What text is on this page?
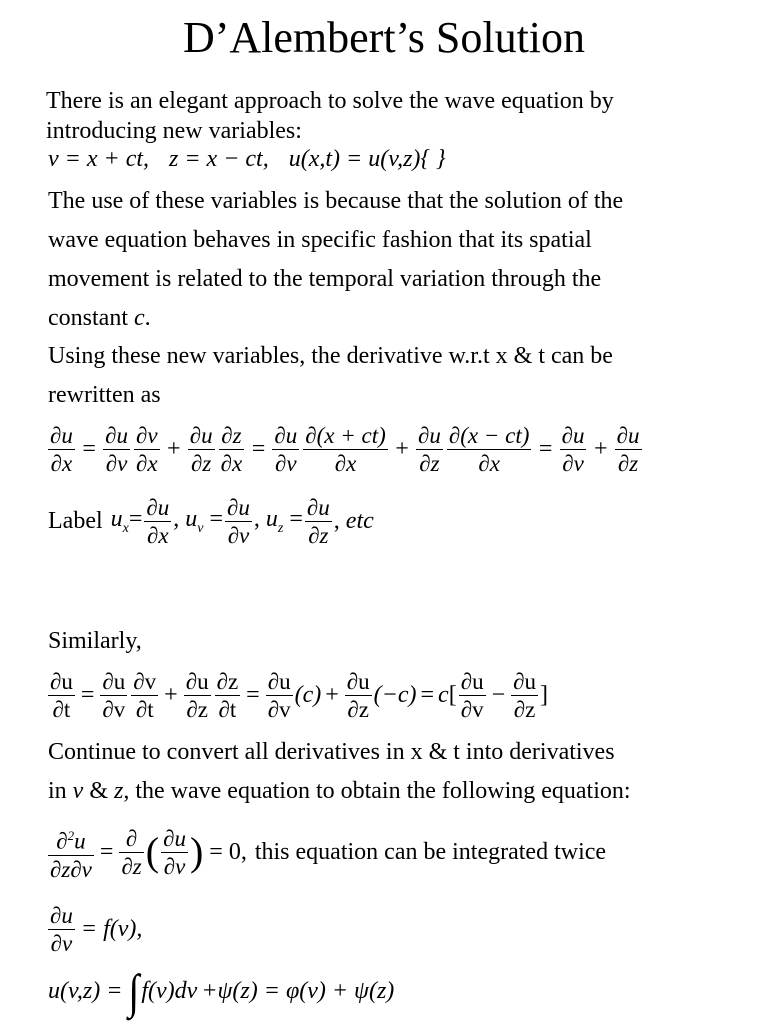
D’Alembert’s Solution
There is an elegant approach to solve the wave equation by
introducing new variables:
v = x + ct, z = x − ct, u(x,t) = u(v,z){ }
The use of these variables is because that the solution of the
wave equation behaves in specific fashion that its spatial
movement is related to the temporal variation through the
constant c.
Using these new variables, the derivative w.r.t x & t can be
rewritten as
$\frac{\partial u}{\partial x} = \frac{\partial u}{\partial v} \frac{\partial v}{\partial x} + \frac{\partial u}{\partial z} \frac{\partial z}{\partial x} = \frac{\partial u}{\partial v} \frac{\partial(x + ct)}{\partial x} + \frac{\partial u}{\partial z} \frac{\partial(x - ct)}{\partial x} = \frac{\partial u}{\partial v} + \frac{\partial u}{\partial z}$
Label $u_x= \frac{\partial u}{\partial x}$ , $u_v = \frac{\partial u}{\partial v}$ , $u_z = \frac{\partial u}{\partial z}$ , etc
Similarly,
$\frac{\partial u}{\partial t} = \frac{\partial u}{\partial v} \frac{\partial v}{\partial t} + \frac{\partial u}{\partial z} \frac{\partial z}{\partial t} = \frac{\partial u}{\partial v} (c) + \frac{\partial u}{\partial z} (-c) = c[ \frac{\partial u}{\partial v} - \frac{\partial u}{\partial z}$ ]
Continue to convert all derivatives in x & t into derivatives
in v & z, the wave equation to obtain the following equation:
$\frac{\partial^2u}{\partial z\partial v} = \frac{\partial}{\partial z}$ ( $\frac{\partial u}{\partial v}$ ) = 0, this equation can be integrated twice
$\frac{\partial u}{\partial v} = f(v)$,
u(v,z) = ∫ f(v)dv +ψ(z) = φ(v) + ψ(z)
